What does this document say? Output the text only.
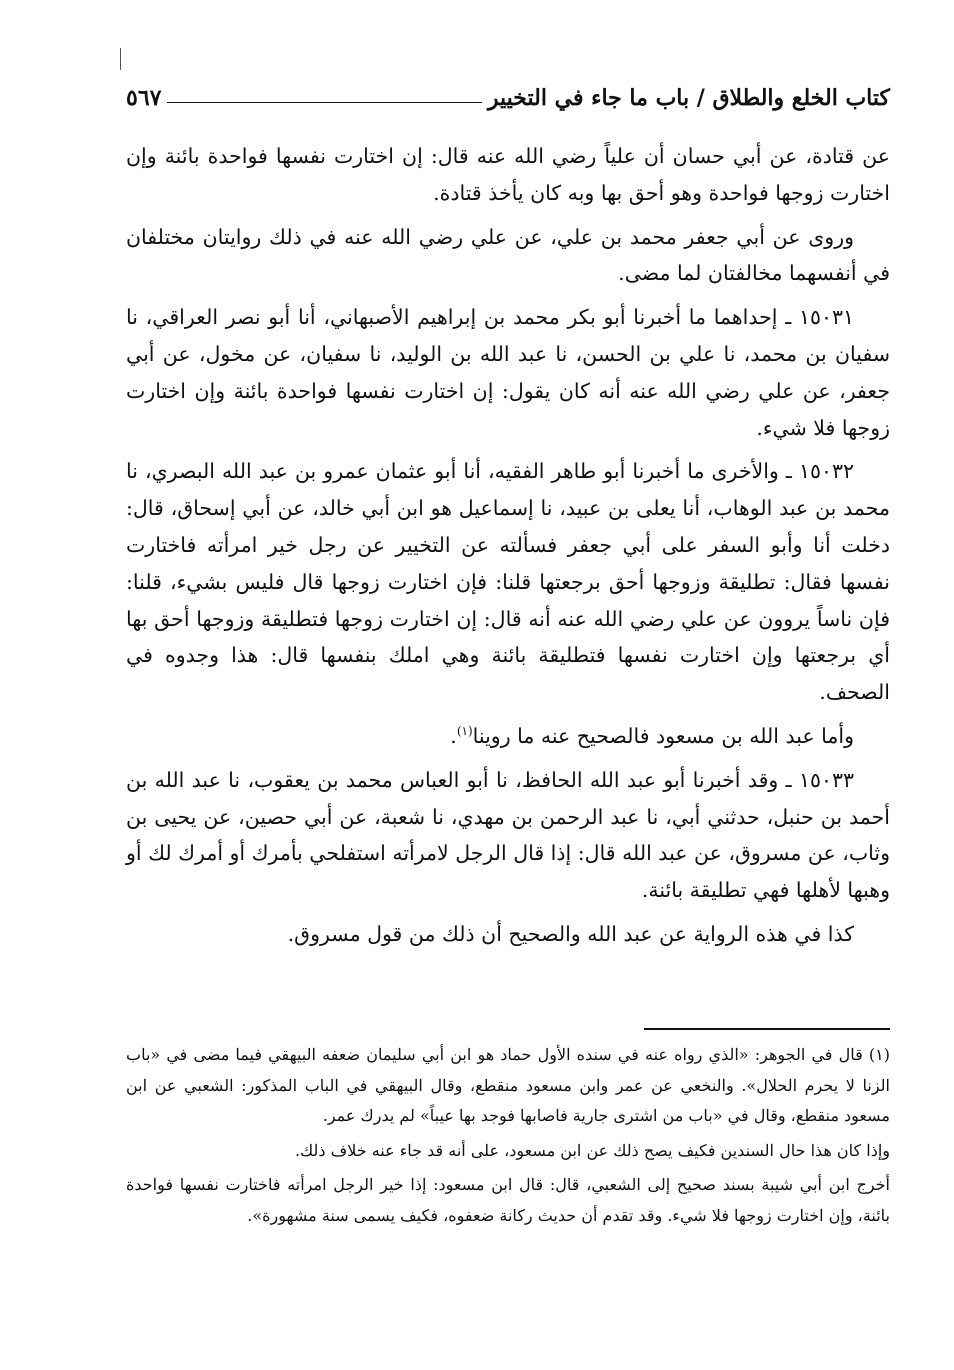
كتاب الخلع والطلاق / باب ما جاء في التخيير
٥٦٧

عن قتادة، عن أبي حسان أن علياً رضي الله عنه قال: إن اختارت نفسها فواحدة بائنة وإن اختارت زوجها فواحدة وهو أحق بها وبه كان يأخذ قتادة.

وروى عن أبي جعفر محمد بن علي، عن علي رضي الله عنه في ذلك روايتان مختلفان في أنفسهما مخالفتان لما مضى.

١٥٠٣١ ـ إحداهما ما أخبرنا أبو بكر محمد بن إبراهيم الأصبهاني، أنا أبو نصر العراقي، نا سفيان بن محمد، نا علي بن الحسن، نا عبد الله بن الوليد، نا سفيان، عن مخول، عن أبي جعفر، عن علي رضي الله عنه أنه كان يقول: إن اختارت نفسها فواحدة بائنة وإن اختارت زوجها فلا شيء.

١٥٠٣٢ ـ والأخرى ما أخبرنا أبو طاهر الفقيه، أنا أبو عثمان عمرو بن عبد الله البصري، نا محمد بن عبد الوهاب، أنا يعلى بن عبيد، نا إسماعيل هو ابن أبي خالد، عن أبي إسحاق، قال: دخلت أنا وأبو السفر على أبي جعفر فسألته عن التخيير عن رجل خير امرأته فاختارت نفسها فقال: تطليقة وزوجها أحق برجعتها قلنا: فإن اختارت زوجها قال فليس بشيء، قلنا: فإن ناساً يروون عن علي رضي الله عنه أنه قال: إن اختارت زوجها فتطليقة وزوجها أحق بها أي برجعتها وإن اختارت نفسها فتطليقة بائنة وهي املك بنفسها قال: هذا وجدوه في الصحف.

وأما عبد الله بن مسعود فالصحيح عنه ما روينا$^{(١)}$.

١٥٠٣٣ ـ وقد أخبرنا أبو عبد الله الحافظ، نا أبو العباس محمد بن يعقوب، نا عبد الله بن أحمد بن حنبل، حدثني أبي، نا عبد الرحمن بن مهدي، نا شعبة، عن أبي حصين، عن يحيى بن وثاب، عن مسروق، عن عبد الله قال: إذا قال الرجل لامرأته استفلحي بأمرك أو أمرك لك أو وهبها لأهلها فهي تطليقة بائنة.

كذا في هذه الرواية عن عبد الله والصحيح أن ذلك من قول مسروق.

(١) قال في الجوهر: «الذي رواه عنه في سنده الأول حماد هو ابن أبي سليمان ضعفه البيهقي فيما مضى في «باب الزنا لا يحرم الحلال». والنخعي عن عمر وابن مسعود منقطع، وقال البيهقي في الباب المذكور: الشعبي عن ابن مسعود منقطع، وقال في «باب من اشترى جارية فاصابها فوجد بها عيباً» لم يدرك عمر.

وإذا كان هذا حال السندين فكيف يصح ذلك عن ابن مسعود، على أنه قد جاء عنه خلاف ذلك.

أخرج ابن أبي شيبة بسند صحيح إلى الشعبي، قال: قال ابن مسعود: إذا خير الرجل امرأته فاختارت نفسها فواحدة بائنة، وإن اختارت زوجها فلا شيء. وقد تقدم أن حديث ركانة ضعفوه، فكيف يسمى سنة مشهورة».
